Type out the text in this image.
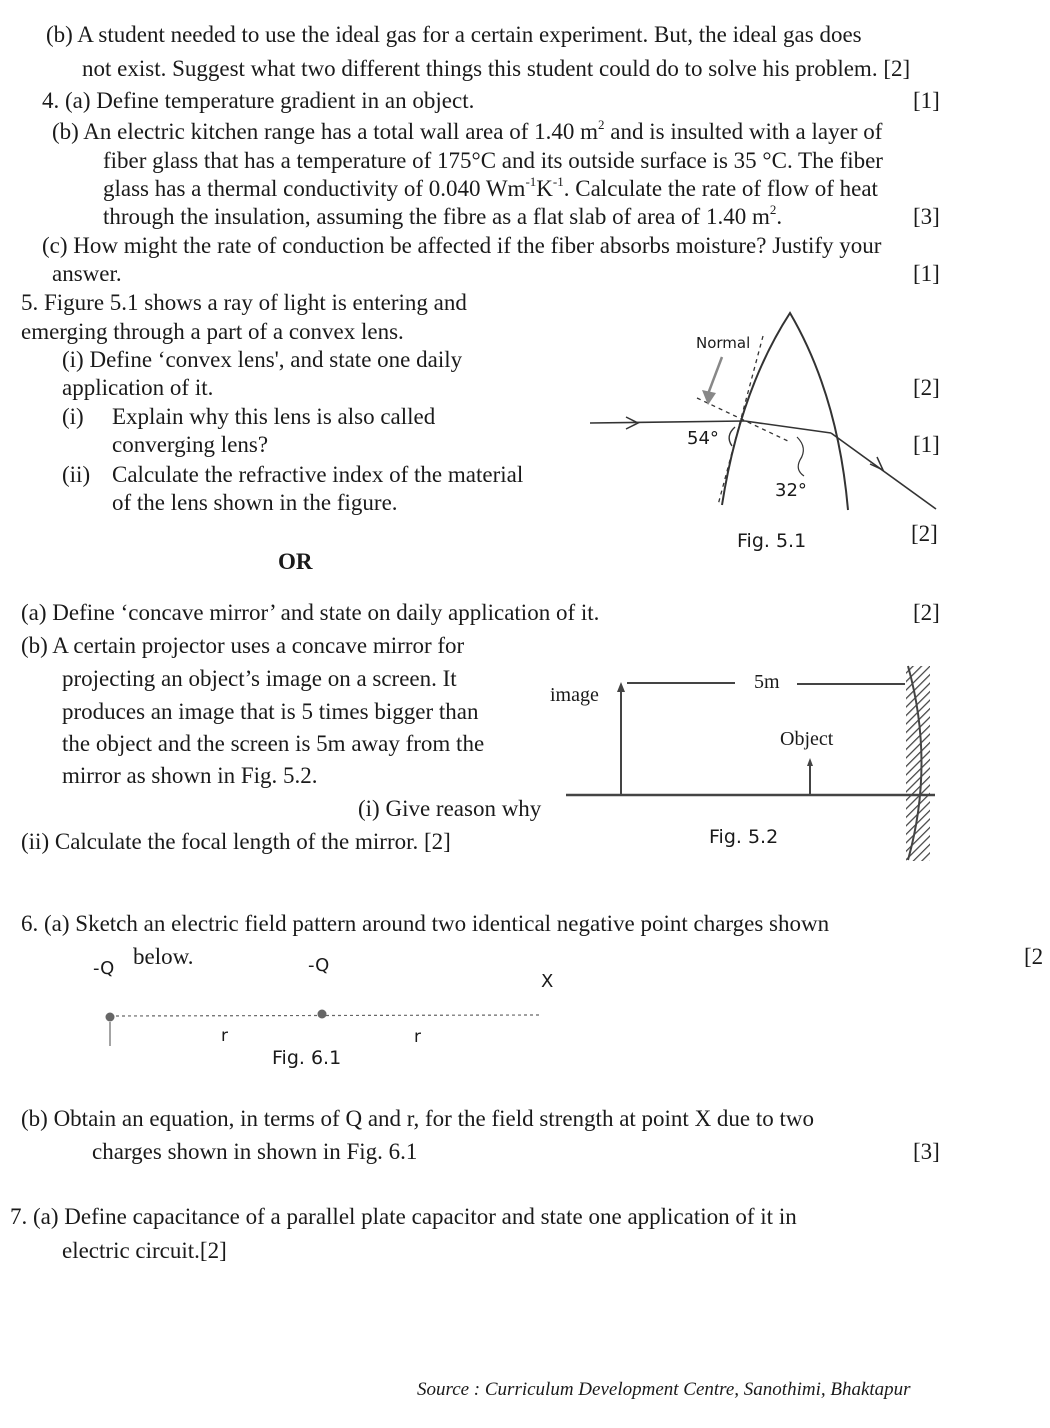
(b) A student needed to use the ideal gas for a certain experiment. But, the ideal gas does
not exist. Suggest what two different things this student could do to solve his problem. [2]
4. (a) Define temperature gradient in an object.	[1]
(b) An electric kitchen range has a total wall area of 1.40 $m^2$ and is insulted with a layer of
fiber glass that has a temperature of 175°C and its outside surface is 35 °C. The fiber
glass has a thermal conductivity of 0.040 $Wm^{-1}K^{-1}$. Calculate the rate of flow of heat
through the insulation, assuming the fibre as a flat slab of area of 1.40 $m^2$.	[3]
(c) How might the rate of conduction be affected if the fiber absorbs moisture? Justify your
answer.	[1]
5. Figure 5.1 shows a ray of light is entering and
emerging through a part of a convex lens.
(i) Define ‘convex lens', and state one daily
application of it.
(i) Explain why this lens is also called
converging lens?
(ii) Calculate the refractive index of the material
of the lens shown in the figure.
[2]
[1]
[2]
Normal
54°
32°
Fig. 5.1
OR
(a) Define ‘concave mirror’ and state on daily application of it.	[2]
(b) A certain projector uses a concave mirror for
projecting an object’s image on a screen. It
produces an image that is 5 times bigger than
the object and the screen is 5m away from the
mirror as shown in Fig. 5.2.
(i) Give reason why
(ii) Calculate the focal length of the mirror. [2]
image
5m
Object
Fig. 5.2
6. (a) Sketch an electric field pattern around two identical negative point charges shown
below.	[2
-Q	-Q
X
r	r
Fig. 6.1
(b) Obtain an equation, in terms of Q and r, for the field strength at point X due to two
charges shown in shown in Fig. 6.1	[3]
7. (a) Define capacitance of a parallel plate capacitor and state one application of it in
electric circuit.[2]
Source : Curriculum Development Centre, Sanothimi, Bhaktapur
